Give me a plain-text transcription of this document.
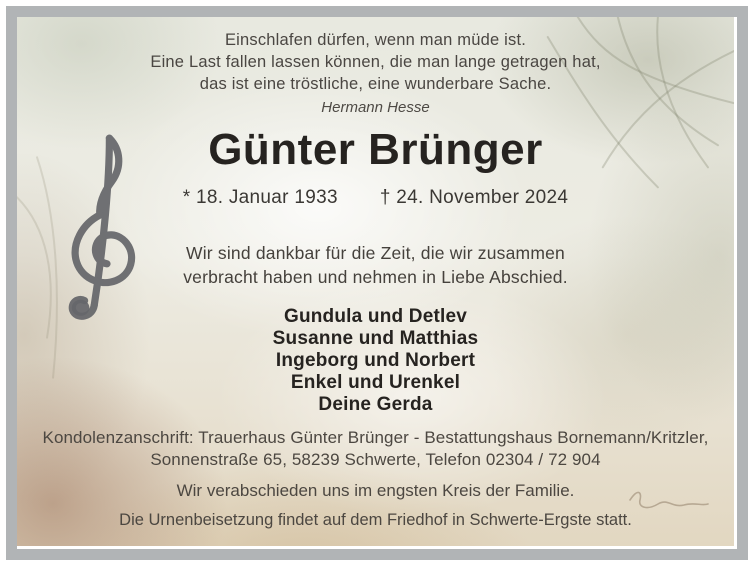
Einschlafen dürfen, wenn man müde ist.
Eine Last fallen lassen können, die man lange getragen hat,
das ist eine tröstliche, eine wunderbare Sache.
Hermann Hesse
Günter Brünger
* 18. Januar 1933 † 24. November 2024
Wir sind dankbar für die Zeit, die wir zusammen
verbracht haben und nehmen in Liebe Abschied.
Gundula und Detlev
Susanne und Matthias
Ingeborg und Norbert
Enkel und Urenkel
Deine Gerda
Kondolenzanschrift: Trauerhaus Günter Brünger - Bestattungshaus Bornemann/Kritzler,
Sonnenstraße 65, 58239 Schwerte, Telefon 02304 / 72 904
Wir verabschieden uns im engsten Kreis der Familie.
Die Urnenbeisetzung findet auf dem Friedhof in Schwerte-Ergste statt.
